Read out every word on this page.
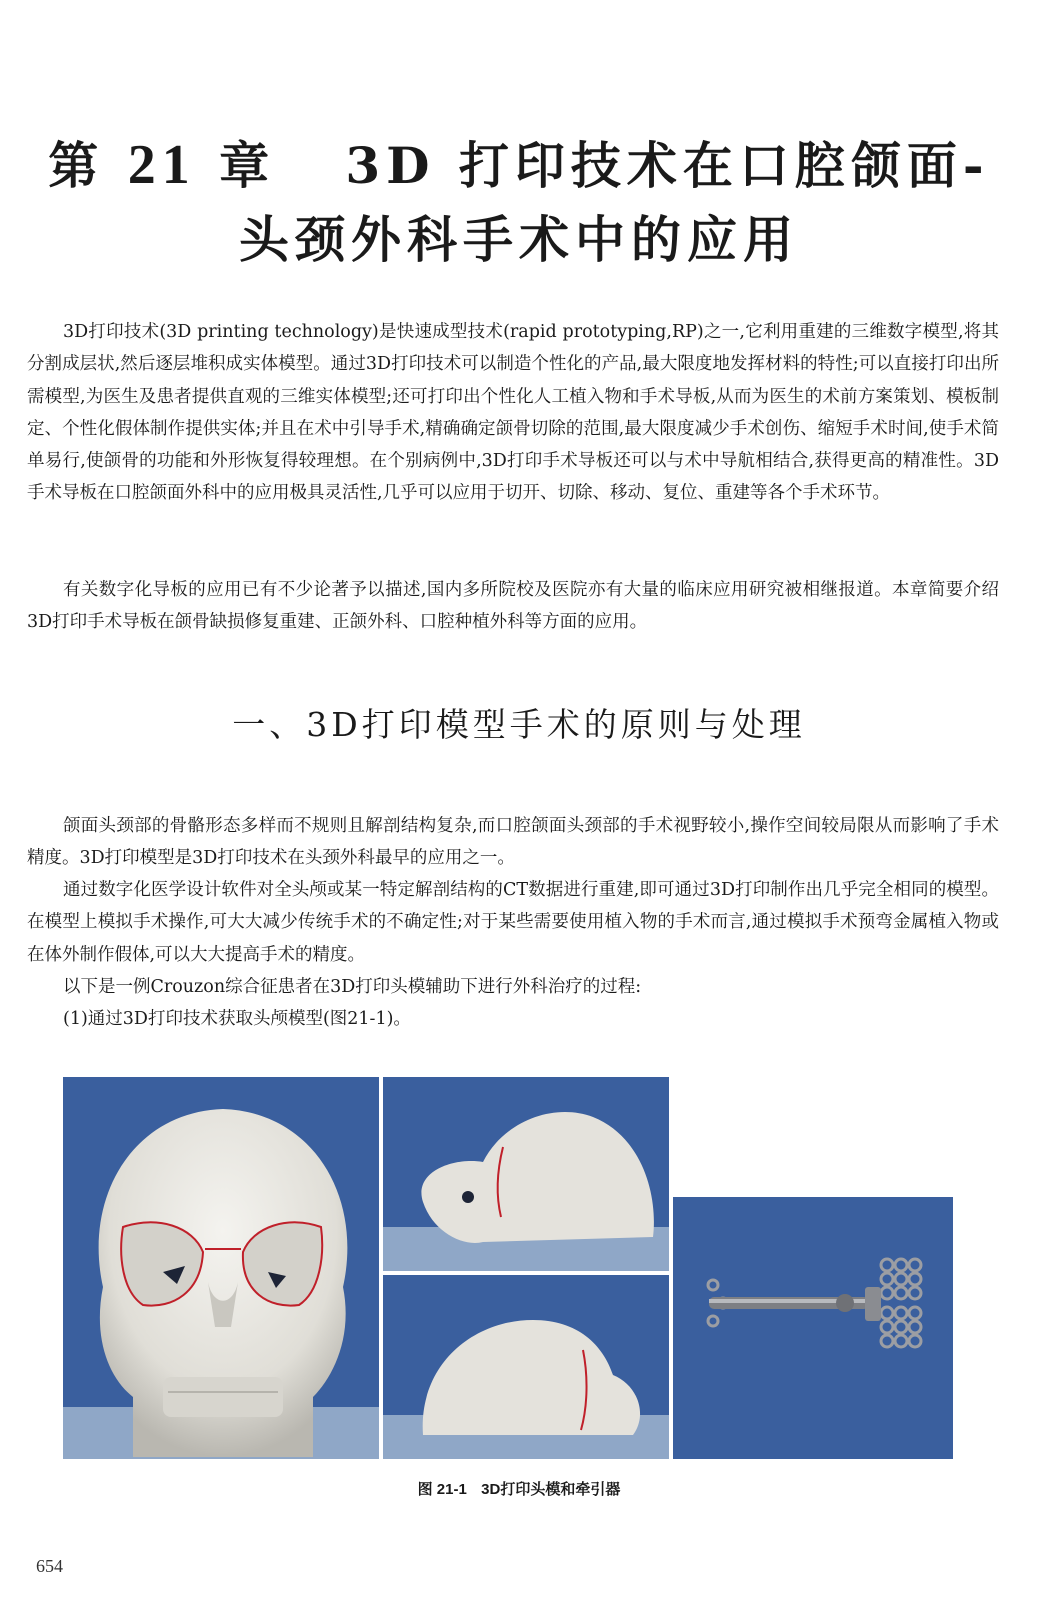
第 21 章 3D 打印技术在口腔颌面-
头颈外科手术中的应用

3D打印技术(3D printing technology)是快速成型技术(rapid prototyping,RP)之一,它利用重建的三维数字模型,将其分割成层状,然后逐层堆积成实体模型。通过3D打印技术可以制造个性化的产品,最大限度地发挥材料的特性;可以直接打印出所需模型,为医生及患者提供直观的三维实体模型;还可打印出个性化人工植入物和手术导板,从而为医生的术前方案策划、模板制定、个性化假体制作提供实体;并且在术中引导手术,精确确定颌骨切除的范围,最大限度减少手术创伤、缩短手术时间,使手术简单易行,使颌骨的功能和外形恢复得较理想。在个别病例中,3D打印手术导板还可以与术中导航相结合,获得更高的精准性。3D手术导板在口腔颌面外科中的应用极具灵活性,几乎可以应用于切开、切除、移动、复位、重建等各个手术环节。

有关数字化导板的应用已有不少论著予以描述,国内多所院校及医院亦有大量的临床应用研究被相继报道。本章简要介绍3D打印手术导板在颌骨缺损修复重建、正颌外科、口腔种植外科等方面的应用。

一、3D打印模型手术的原则与处理

颌面头颈部的骨骼形态多样而不规则且解剖结构复杂,而口腔颌面头颈部的手术视野较小,操作空间较局限从而影响了手术精度。3D打印模型是3D打印技术在头颈外科最早的应用之一。

通过数字化医学设计软件对全头颅或某一特定解剖结构的CT数据进行重建,即可通过3D打印制作出几乎完全相同的模型。在模型上模拟手术操作,可大大减少传统手术的不确定性;对于某些需要使用植入物的手术而言,通过模拟手术预弯金属植入物或在体外制作假体,可以大大提高手术的精度。

以下是一例Crouzon综合征患者在3D打印头模辅助下进行外科治疗的过程:

(1)通过3D打印技术获取头颅模型(图21-1)。

图 21-1 3D打印头模和牵引器
654
